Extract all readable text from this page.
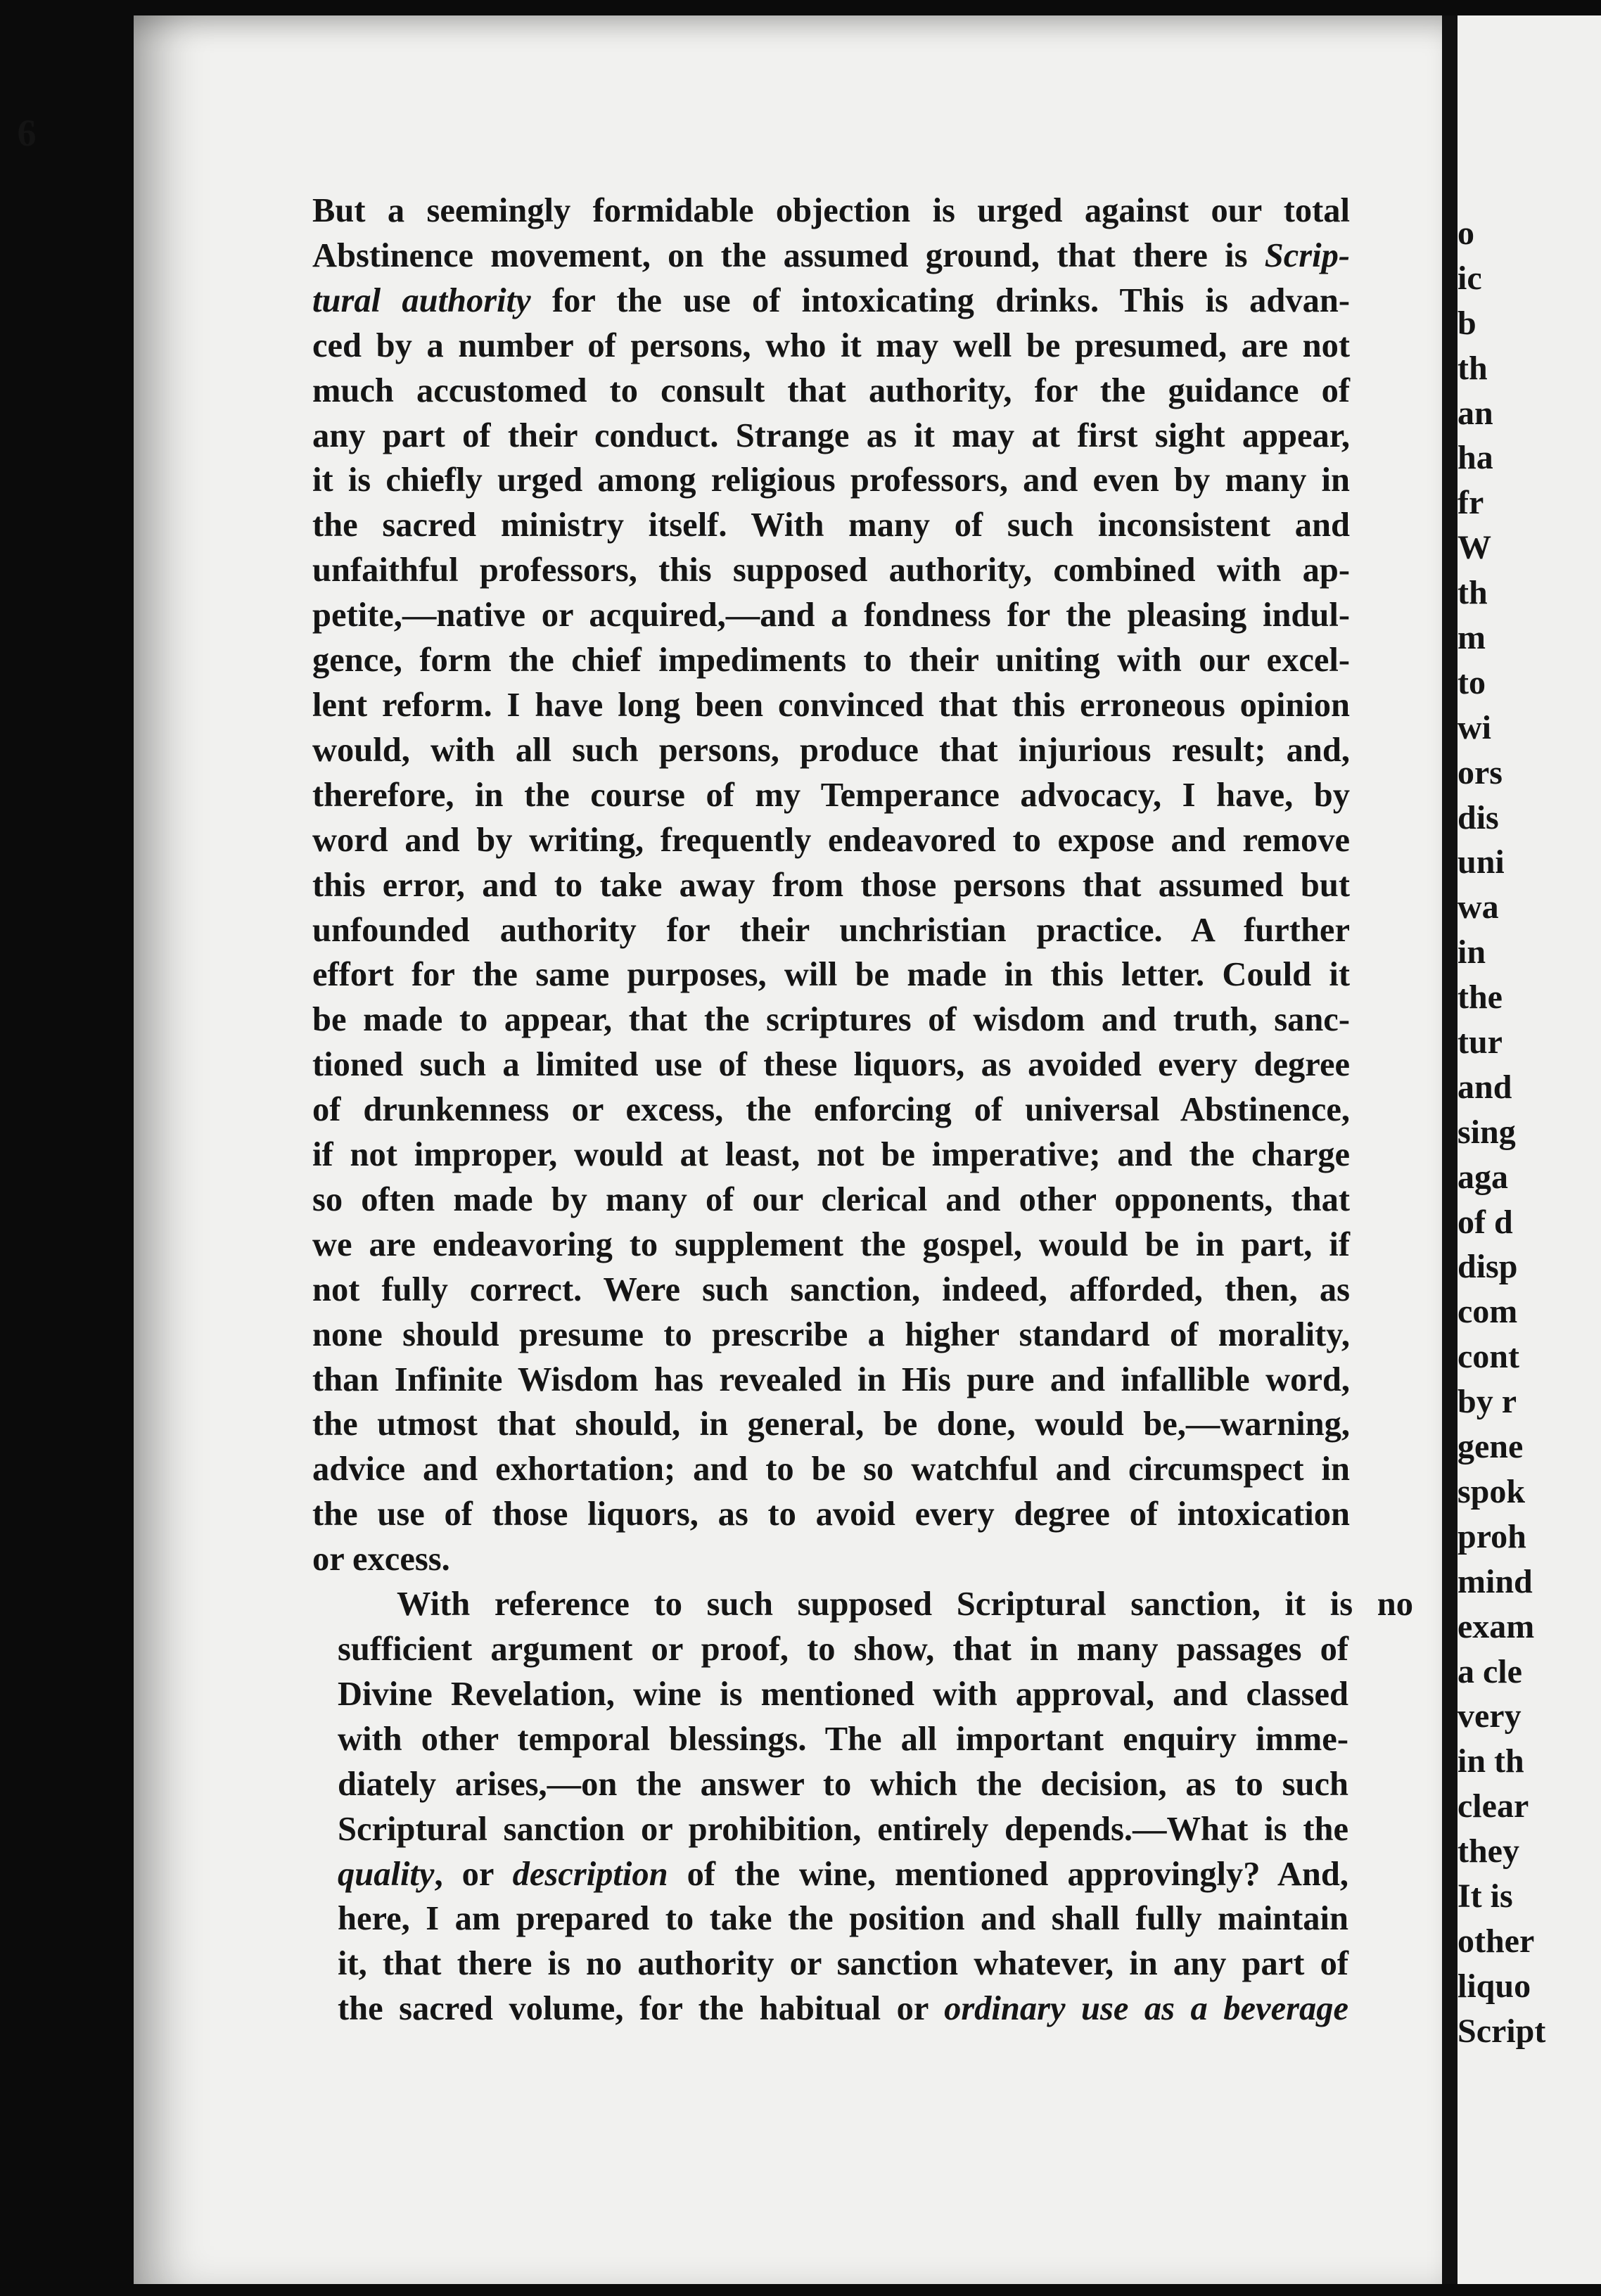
6
But a seemingly formidable objection is urged against our total
Abstinence movement, on the assumed ground, that there is Scrip-
tural authority for the use of intoxicating drinks. This is advan-
ced by a number of persons, who it may well be presumed, are not
much accustomed to consult that authority, for the guidance of
any part of their conduct. Strange as it may at first sight appear,
it is chiefly urged among religious professors, and even by many in
the sacred ministry itself. With many of such inconsistent and
unfaithful professors, this supposed authority, combined with ap-
petite,—native or acquired,—and a fondness for the pleasing indul-
gence, form the chief impediments to their uniting with our excel-
lent reform. I have long been convinced that this erroneous opinion
would, with all such persons, produce that injurious result; and,
therefore, in the course of my Temperance advocacy, I have, by
word and by writing, frequently endeavored to expose and remove
this error, and to take away from those persons that assumed but
unfounded authority for their unchristian practice. A further
effort for the same purposes, will be made in this letter. Could it
be made to appear, that the scriptures of wisdom and truth, sanc-
tioned such a limited use of these liquors, as avoided every degree
of drunkenness or excess, the enforcing of universal Abstinence,
if not improper, would at least, not be imperative; and the charge
so often made by many of our clerical and other opponents, that
we are endeavoring to supplement the gospel, would be in part, if
not fully correct. Were such sanction, indeed, afforded, then, as
none should presume to prescribe a higher standard of morality,
than Infinite Wisdom has revealed in His pure and infallible word,
the utmost that should, in general, be done, would be,—warning,
advice and exhortation; and to be so watchful and circumspect in
the use of those liquors, as to avoid every degree of intoxication
or excess.
With reference to such supposed Scriptural sanction, it is no
sufficient argument or proof, to show, that in many passages of
Divine Revelation, wine is mentioned with approval, and classed
with other temporal blessings. The all important enquiry imme-
diately arises,—on the answer to which the decision, as to such
Scriptural sanction or prohibition, entirely depends.—What is the
quality, or description of the wine, mentioned approvingly? And,
here, I am prepared to take the position and shall fully maintain
it, that there is no authority or sanction whatever, in any part of
the sacred volume, for the habitual or ordinary use as a beverage
o
ic
b
th
an
ha
fr
W
th
m
to
wi
ors
dis
uni
wa
in
the
tur
and
sing
aga
of d
disp
com
cont
by r
gene
spok
proh
mind
exam
a cle
very
in th
clear
they
It is
other
liquo
Script
